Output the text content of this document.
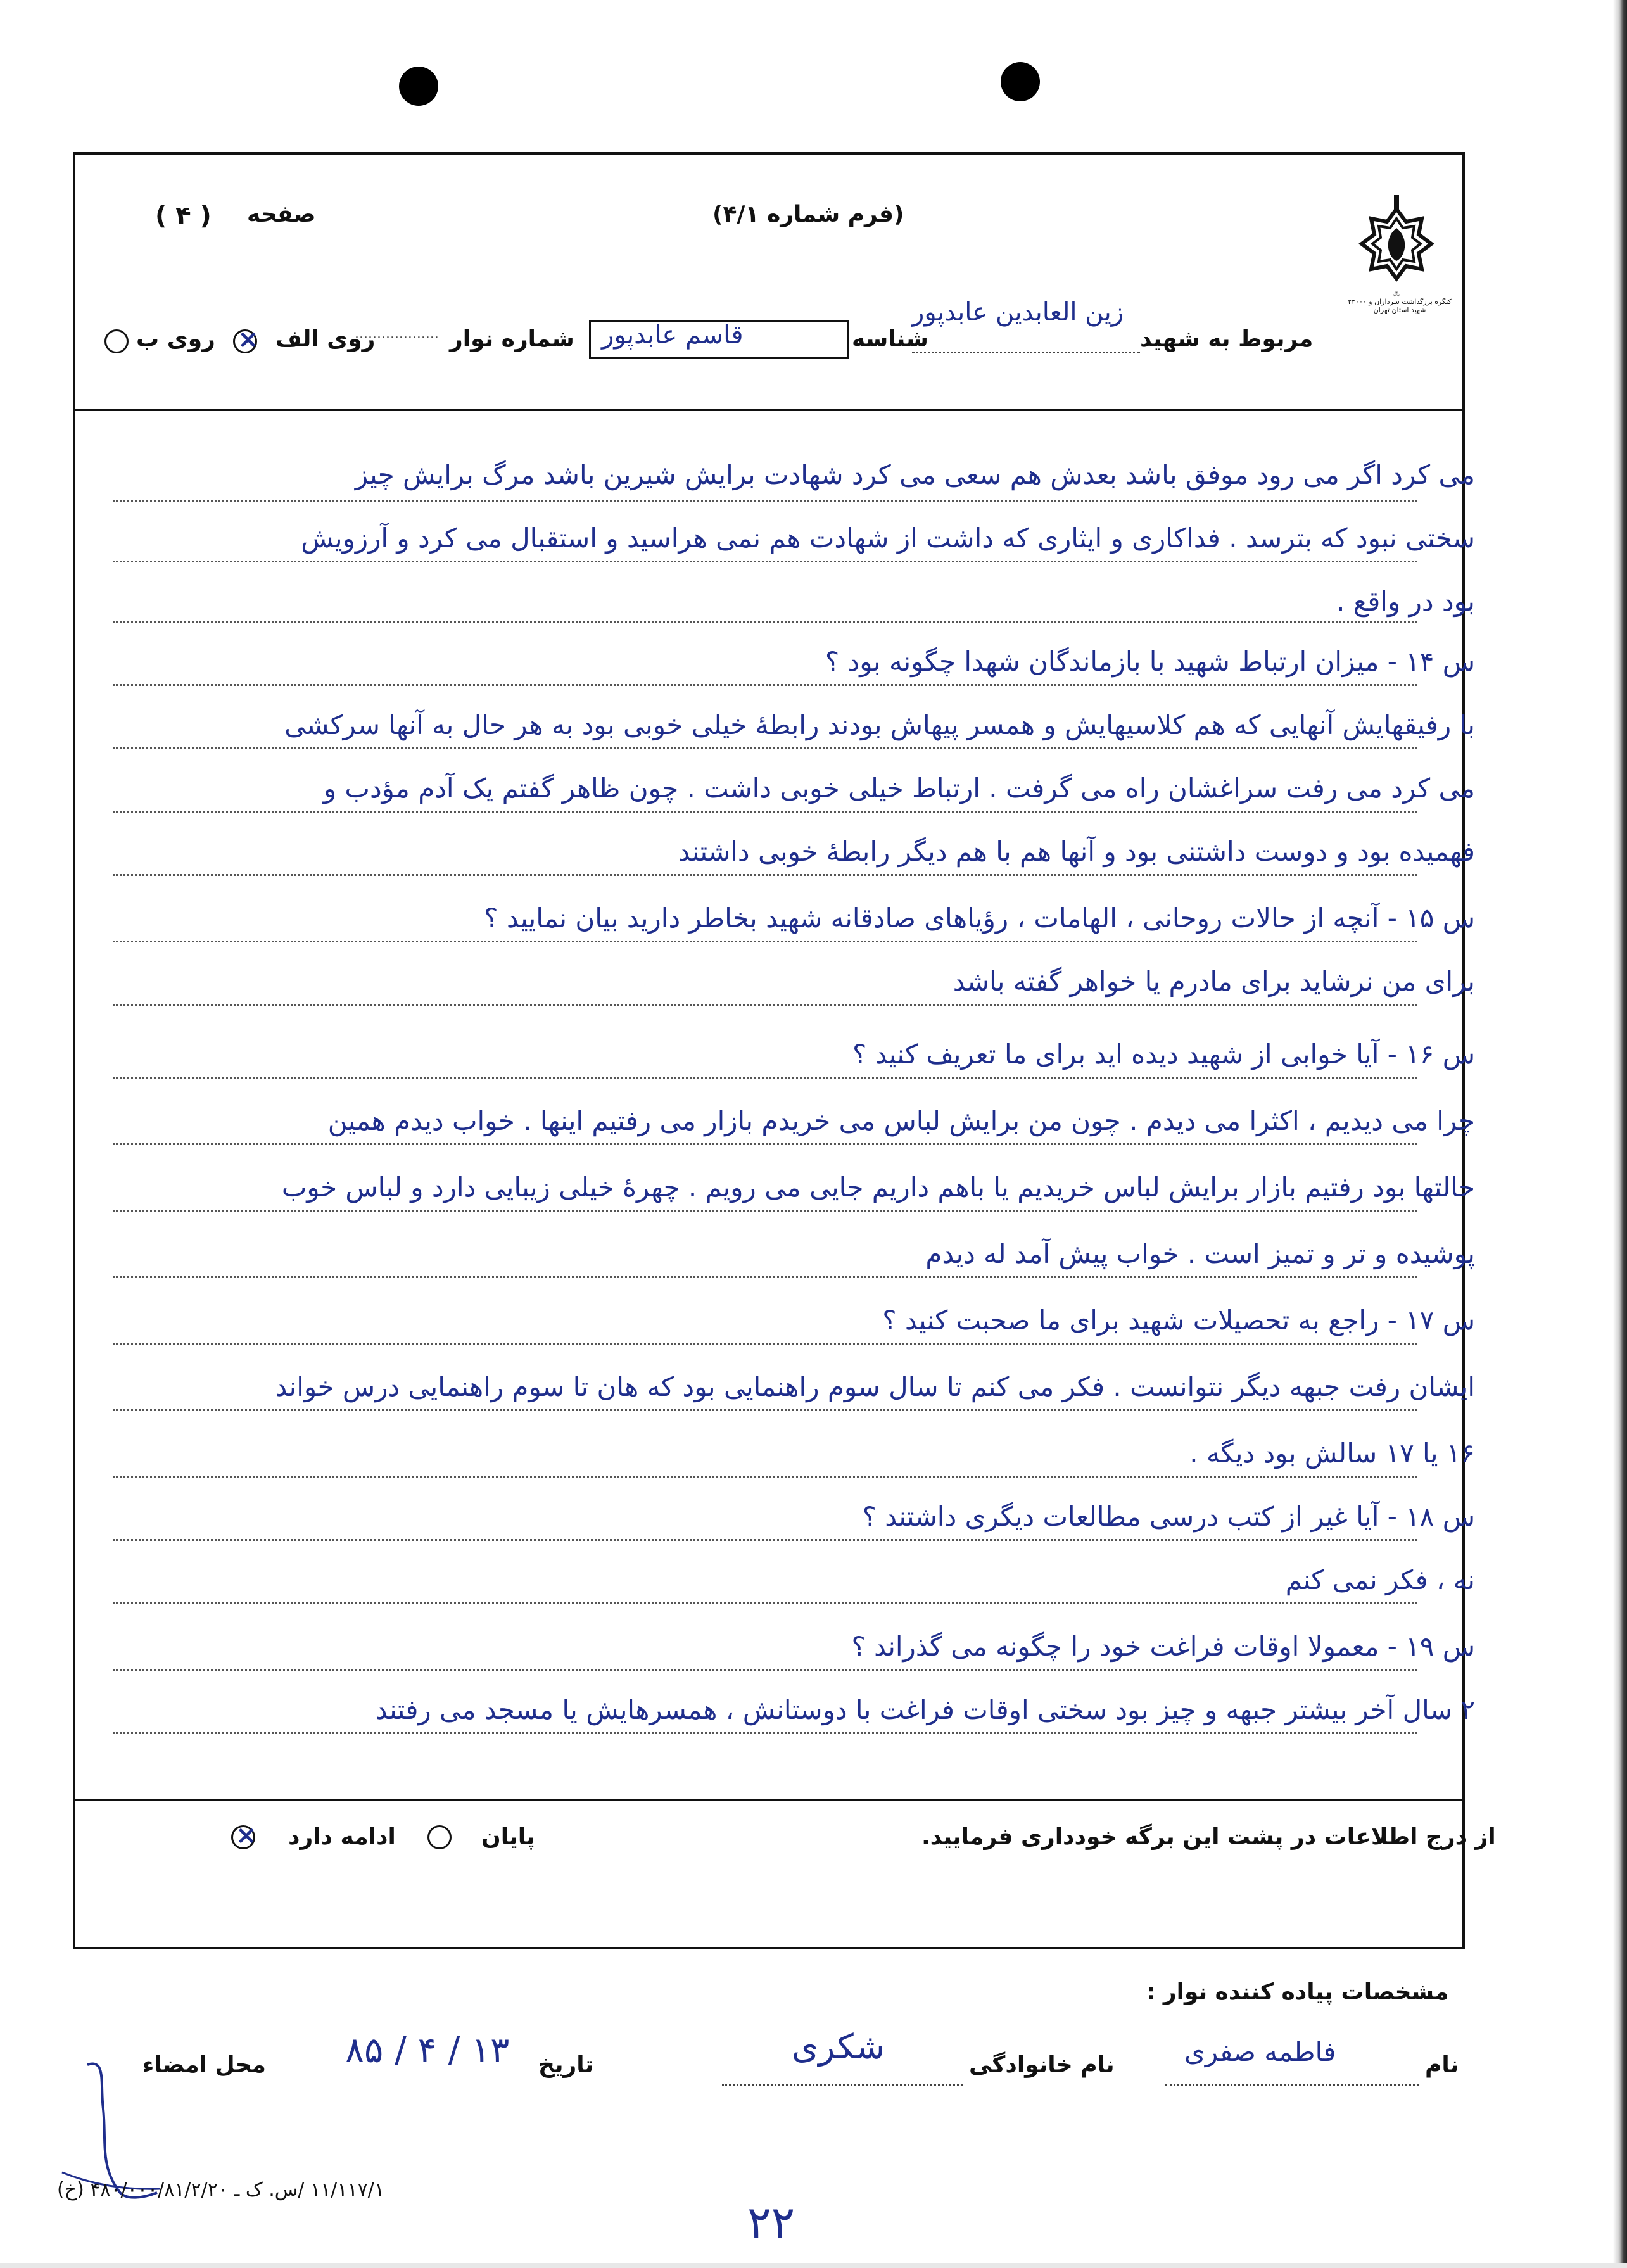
⁂
کنگره بزرگداشت سرداران و ۲۳۰۰۰ شهید استان تهران
(فرم شماره ۴/۱)
صفحه
( ۴ )
مربوط به شهید
زین العابدین عابدپور
شناسه
قاسم عابدپور
شماره نوار
...................
روی الف
×
روی ب
می کرد اگر می رود موفق باشد بعدش هم سعی می کرد شهادت برایش شیرین باشد مرگ برایش چیز
سختی نبود که بترسد . فداکاری و ایثاری که داشت از شهادت هم نمی هراسید و استقبال می کرد و آرزویش
بود در واقع .
س ۱۴ - میزان ارتباط شهید با بازماندگان شهدا چگونه بود ؟
با رفیقهایش آنهایی که هم کلاسیهایش و همسر پیهاش بودند رابطهٔ خیلی خوبی بود به هر حال به آنها سرکشی
می کرد می رفت سراغشان راه می گرفت . ارتباط خیلی خوبی داشت . چون ظاهر گفتم یک آدم مؤدب و
فهمیده بود و دوست داشتنی بود و آنها هم با هم دیگر رابطهٔ خوبی داشتند
س ۱۵ - آنچه از حالات روحانی ، الهامات ، رؤیاهای صادقانه شهید بخاطر دارید بیان نمایید ؟
برای من نرشاید برای مادرم یا خواهر گفته باشد
س ۱۶ - آیا خوابی از شهید دیده اید برای ما تعریف کنید ؟
چرا می دیدیم ، اکثرا می دیدم . چون من برایش لباس می خریدم بازار می رفتیم اینها . خواب دیدم همین
حالتها بود رفتیم بازار برایش لباس خریدیم یا باهم داریم جایی می رویم . چهرهٔ خیلی زیبایی دارد و لباس خوب
پوشیده و تر و تمیز است . خواب پیش آمد له دیدم
س ۱۷ - راجع به تحصیلات شهید برای ما صحبت کنید ؟
ایشان رفت جبهه دیگر نتوانست . فکر می کنم تا سال سوم راهنمایی بود که هان تا سوم راهنمایی درس خواند
۱۶ یا ۱۷ سالش بود دیگه .
س ۱۸ - آیا غیر از کتب درسی مطالعات دیگری داشتند ؟
نه ، فکر نمی کنم
س ۱۹ - معمولا اوقات فراغت خود را چگونه می گذراند ؟
۲ سال آخر بیشتر جبهه و چیز بود سختی اوقات فراغت با دوستانش ، همسرهایش یا مسجد می رفتند
از درج اطلاعات در پشت این برگه خودداری فرمایید.
پایان
ادامه دارد
×
مشخصات پیاده کننده نوار :
نام
فاطمه صفری
نام خانوادگی
شکری
تاریخ
۸۵ / ۴ / ۱۳
محل امضاء
۱۱/۱۱۷/۱ /س. ک ـ ۴۸۰/۰۰۰/۸۱/۲/۲۰ (خ)
۲۲
